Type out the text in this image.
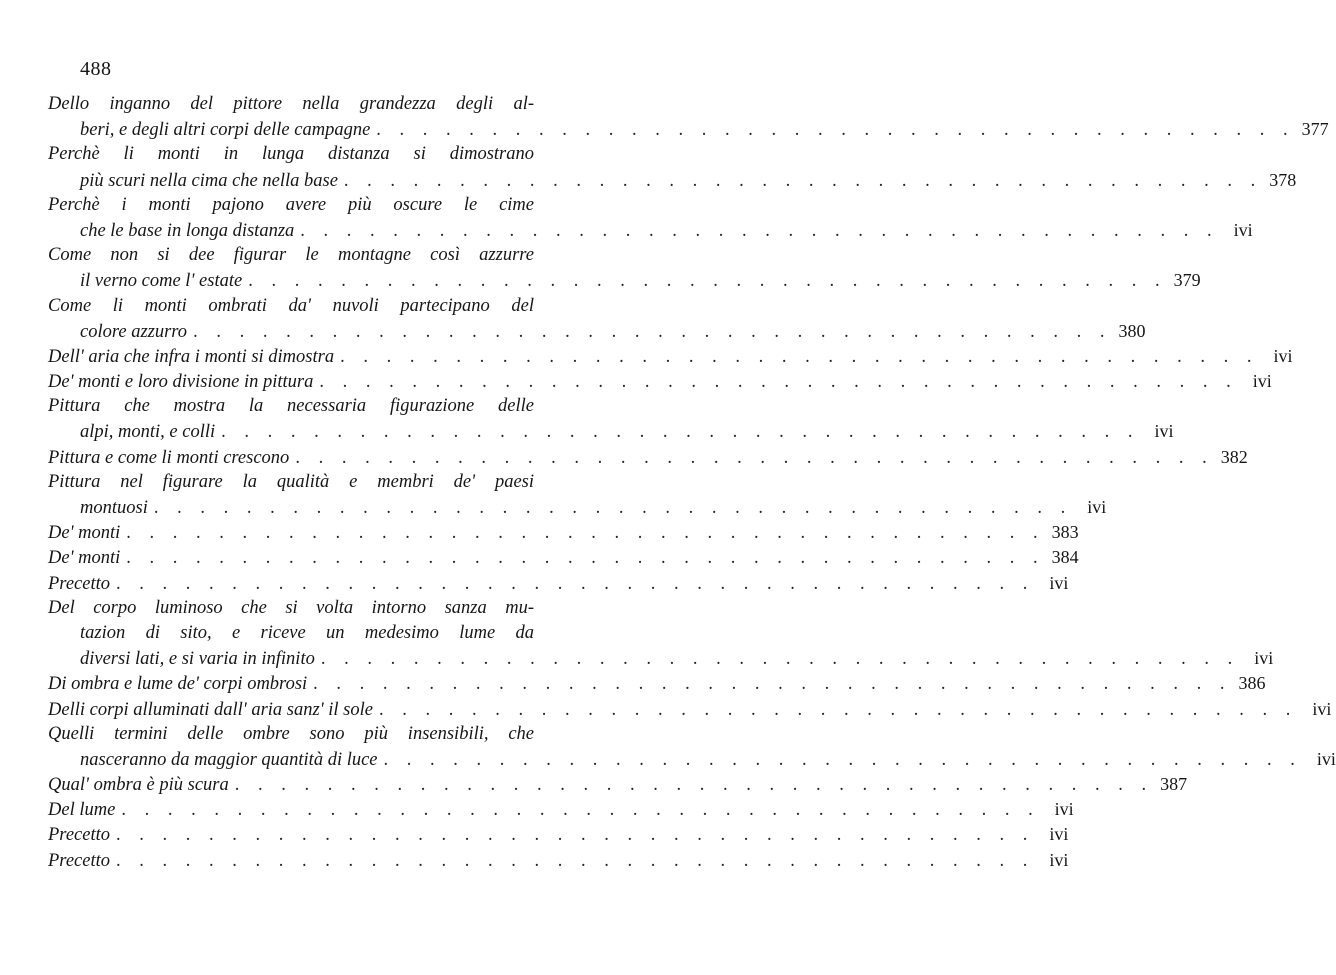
488
Dello inganno del pittore nella grandezza degli al-
beri, e degli altri corpi delle campagne . . . . . . . . . . . . . . . . . . . . . . . . . . . . . . . . . . . . . . . . 377
Perchè li monti in lunga distanza si dimostrano
più scuri nella cima che nella base . . . . . . . . . . . . . . . . . . . . . . . . . . . . . . . . . . . . . . . . 378
Perchè i monti pajono avere più oscure le cime
che le base in longa distanza . . . . . . . . . . . . . . . . . . . . . . . . . . . . . . . . . . . . . . . . ivi
Come non si dee figurar le montagne così azzurre
il verno come l' estate . . . . . . . . . . . . . . . . . . . . . . . . . . . . . . . . . . . . . . . . 379
Come li monti ombrati da' nuvoli partecipano del
colore azzurro . . . . . . . . . . . . . . . . . . . . . . . . . . . . . . . . . . . . . . . . 380
Dell' aria che infra i monti si dimostra . . . . . . . . . . . . . . . . . . . . . . . . . . . . . . . . . . . . . . . . ivi
De' monti e loro divisione in pittura . . . . . . . . . . . . . . . . . . . . . . . . . . . . . . . . . . . . . . . . ivi
Pittura che mostra la necessaria figurazione delle
alpi, monti, e colli . . . . . . . . . . . . . . . . . . . . . . . . . . . . . . . . . . . . . . . . ivi
Pittura e come li monti crescono . . . . . . . . . . . . . . . . . . . . . . . . . . . . . . . . . . . . . . . . 382
Pittura nel figurare la qualità e membri de' paesi
montuosi . . . . . . . . . . . . . . . . . . . . . . . . . . . . . . . . . . . . . . . . ivi
De' monti . . . . . . . . . . . . . . . . . . . . . . . . . . . . . . . . . . . . . . . . 383
De' monti . . . . . . . . . . . . . . . . . . . . . . . . . . . . . . . . . . . . . . . . 384
Precetto . . . . . . . . . . . . . . . . . . . . . . . . . . . . . . . . . . . . . . . . ivi
Del corpo luminoso che si volta intorno sanza mu-
tazion di sito, e riceve un medesimo lume da
diversi lati, e si varia in infinito . . . . . . . . . . . . . . . . . . . . . . . . . . . . . . . . . . . . . . . . ivi
Di ombra e lume de' corpi ombrosi . . . . . . . . . . . . . . . . . . . . . . . . . . . . . . . . . . . . . . . . 386
Delli corpi alluminati dall' aria sanz' il sole . . . . . . . . . . . . . . . . . . . . . . . . . . . . . . . . . . . . . . . . ivi
Quelli termini delle ombre sono più insensibili, che
nasceranno da maggior quantità di luce . . . . . . . . . . . . . . . . . . . . . . . . . . . . . . . . . . . . . . . . ivi
Qual' ombra è più scura . . . . . . . . . . . . . . . . . . . . . . . . . . . . . . . . . . . . . . . . 387
Del lume . . . . . . . . . . . . . . . . . . . . . . . . . . . . . . . . . . . . . . . . ivi
Precetto . . . . . . . . . . . . . . . . . . . . . . . . . . . . . . . . . . . . . . . . ivi
Precetto . . . . . . . . . . . . . . . . . . . . . . . . . . . . . . . . . . . . . . . . ivi
